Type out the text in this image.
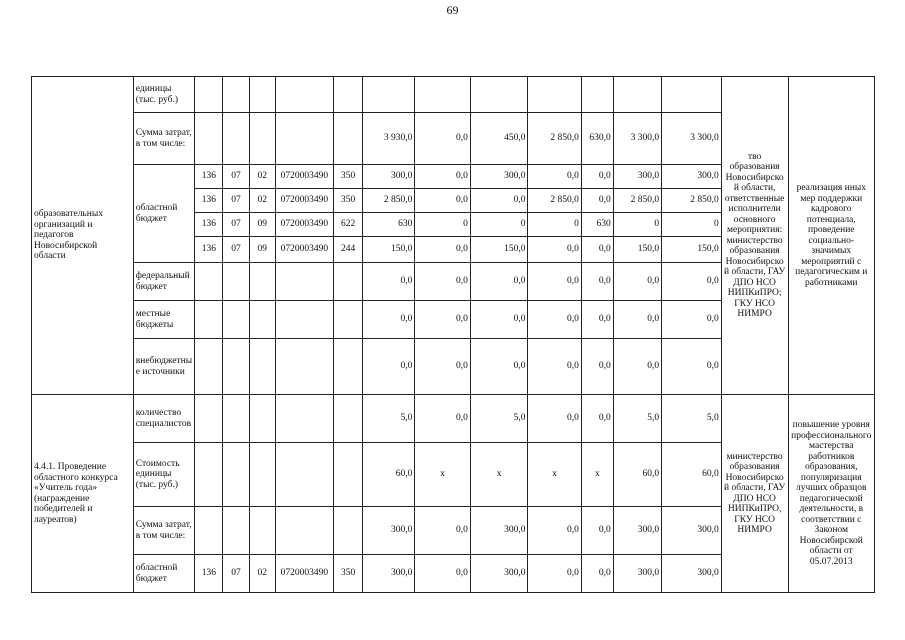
69
образовательных организаций и педагогов Новосибирской области	единицы (тыс. руб.)													тво образования Новосибирской области, ответственные исполнители основного мероприятия: министерство образования Новосибирской области, ГАУ ДПО НСО НИПКиПРО; ГКУ НСО НИМРО	реализация иных мер поддержки кадрового потенциала, проведение социально-значимых мероприятий с педагогическим и работниками
	Сумма затрат, в том числе:						3 930,0	0,0	450,0	2 850,0	630,0	3 300,0	3 300,0		
	областной бюджет	136	07	02	0720003490	350	300,0	0,0	300,0	0,0	0,0	300,0	300,0		
		136	07	02	0720003490	350	2 850,0	0,0	0,0	2 850,0	0,0	2 850,0	2 850,0		
		136	07	09	0720003490	622	630	0	0	0	630	0	0		
		136	07	09	0720003490	244	150,0	0,0	150,0	0,0	0,0	150,0	150,0		
	федеральный бюджет						0,0	0,0	0,0	0,0	0,0	0,0	0,0		
	местные бюджеты						0,0	0,0	0,0	0,0	0,0	0,0	0,0		
	внебюджетные источники						0,0	0,0	0,0	0,0	0,0	0,0	0,0		
4.4.1. Проведение областного конкурса «Учитель года» (награждение победителей и лауреатов)	количество специалистов						5,0	0,0	5,0	0,0	0,0	5,0	5,0	министерство образования Новосибирской области, ГАУ ДПО НСО НИПКиПРО, ГКУ НСО НИМРО	повышение уровня профессионального мастерства работников образования, популяризация лучших образцов педагогической деятельности, в соответствии с Законом Новосибирской области от 05.07.2013
	Стоимость единицы (тыс. руб.)						60,0	х	х	х	х	60,0	60,0		
	Сумма затрат, в том числе:						300,0	0,0	300,0	0,0	0,0	300,0	300,0		
	областной бюджет	136	07	02	0720003490	350	300,0	0,0	300,0	0,0	0,0	300,0	300,0		
